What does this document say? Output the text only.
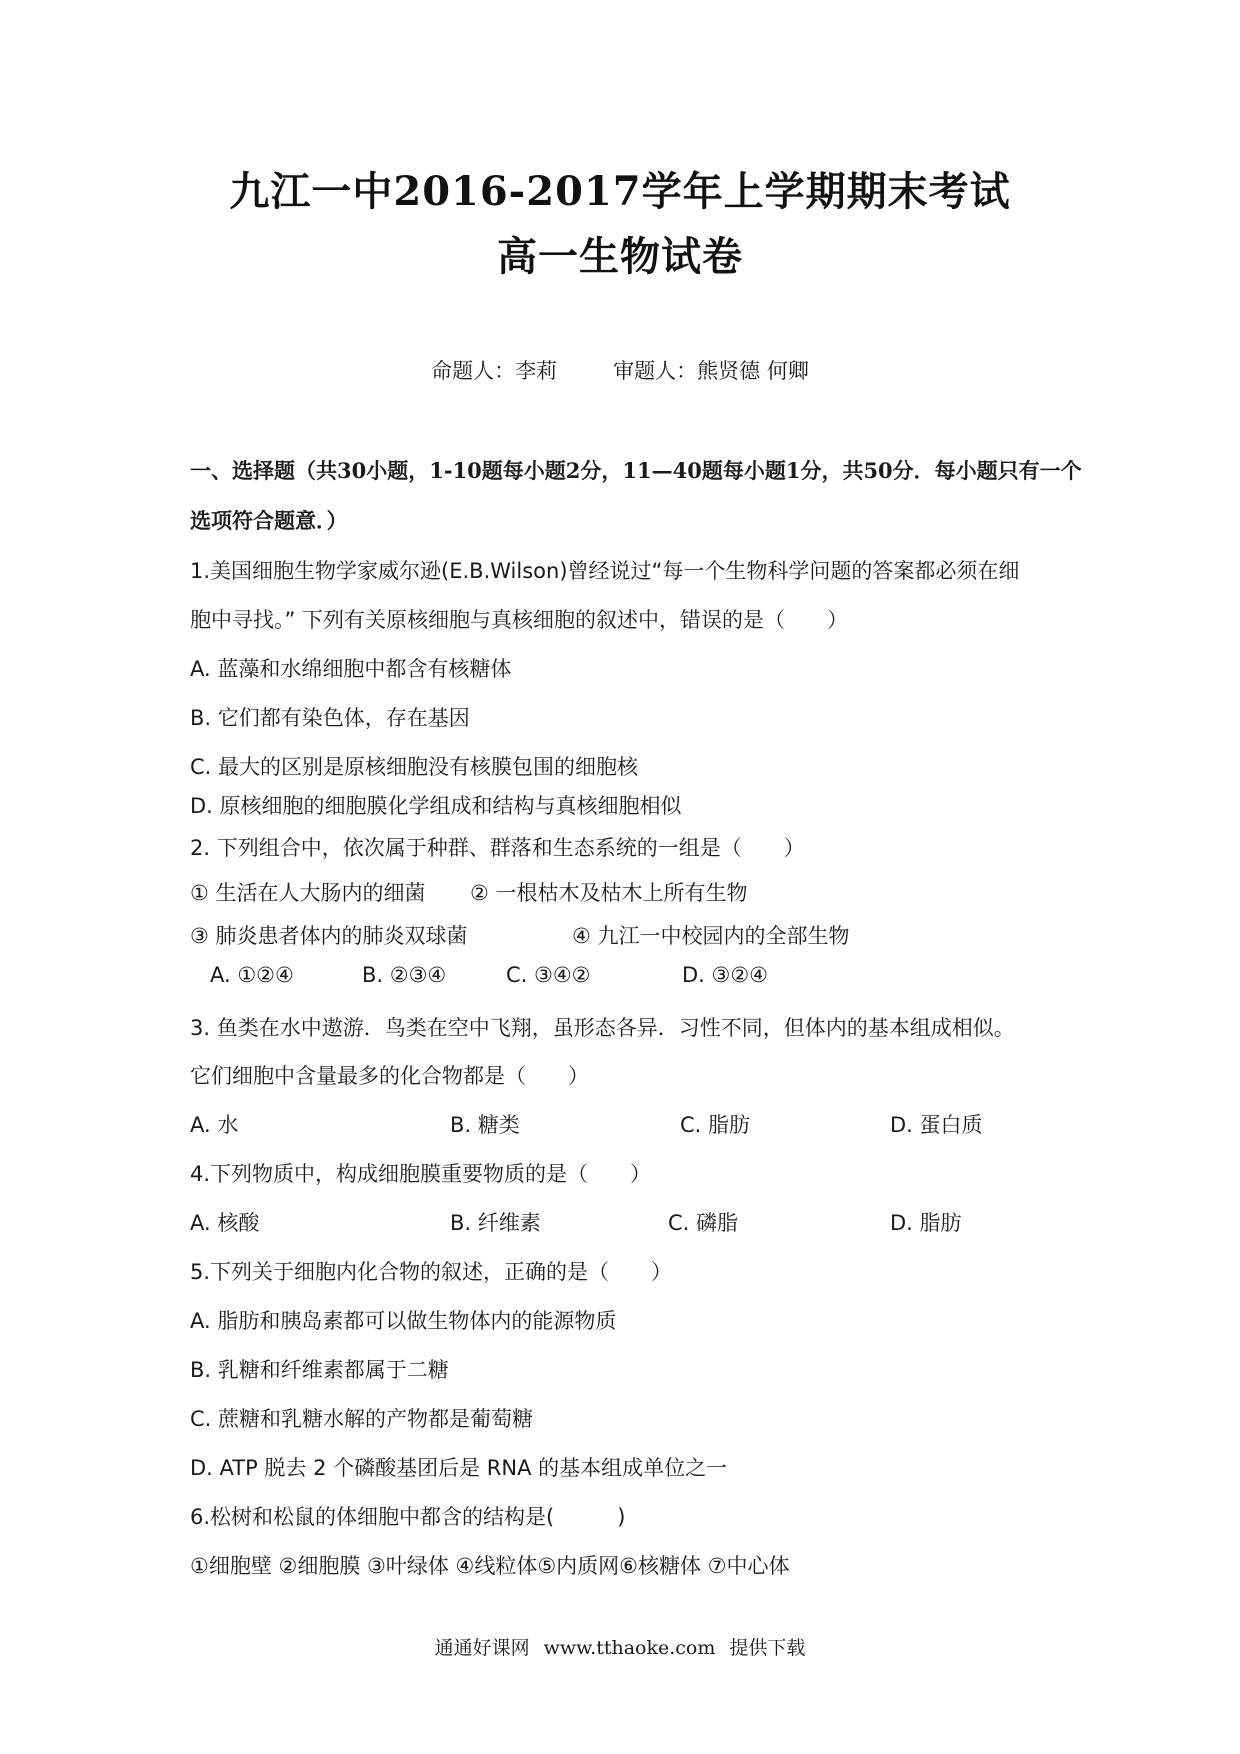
九江一中2016-2017学年上学期期末考试
高一生物试卷
命题人：李莉	审题人：熊贤德 何卿
一、选择题（共30小题，1-10题每小题2分，11—40题每小题1分，共50分．每小题只有一个
选项符合题意．）
1.美国细胞生物学家威尔逊(E.B.Wilson)曾经说过“每一个生物科学问题的答案都必须在细
胞中寻找。” 下列有关原核细胞与真核细胞的叙述中，错误的是（　　）
A. 蓝藻和水绵细胞中都含有核糖体
B. 它们都有染色体，存在基因
C. 最大的区别是原核细胞没有核膜包围的细胞核
D. 原核细胞的细胞膜化学组成和结构与真核细胞相似
2. 下列组合中，依次属于种群、群落和生态系统的一组是（　　）
① 生活在人大肠内的细菌 ② 一根枯木及枯木上所有生物
③ 肺炎患者体内的肺炎双球菌	④ 九江一中校园内的全部生物
A. ①②④	B. ②③④	C. ③④②	D. ③②④
3. 鱼类在水中遨游．鸟类在空中飞翔，虽形态各异．习性不同，但体内的基本组成相似。
它们细胞中含量最多的化合物都是（　　）
A. 水	B. 糖类	C. 脂肪	D. 蛋白质
4.下列物质中，构成细胞膜重要物质的是（　　）
A. 核酸	B. 纤维素	C. 磷脂	D. 脂肪
5.下列关于细胞内化合物的叙述，正确的是（　　）
A. 脂肪和胰岛素都可以做生物体内的能源物质
B. 乳糖和纤维素都属于二糖
C. 蔗糖和乳糖水解的产物都是葡萄糖
D. ATP 脱去 2 个磷酸基团后是 RNA 的基本组成单位之一
6.松树和松鼠的体细胞中都含的结构是(　　　)
①细胞壁 ②细胞膜 ③叶绿体 ④线粒体⑤内质网⑥核糖体 ⑦中心体
通通好课网 www.tthaoke.com 提供下载
